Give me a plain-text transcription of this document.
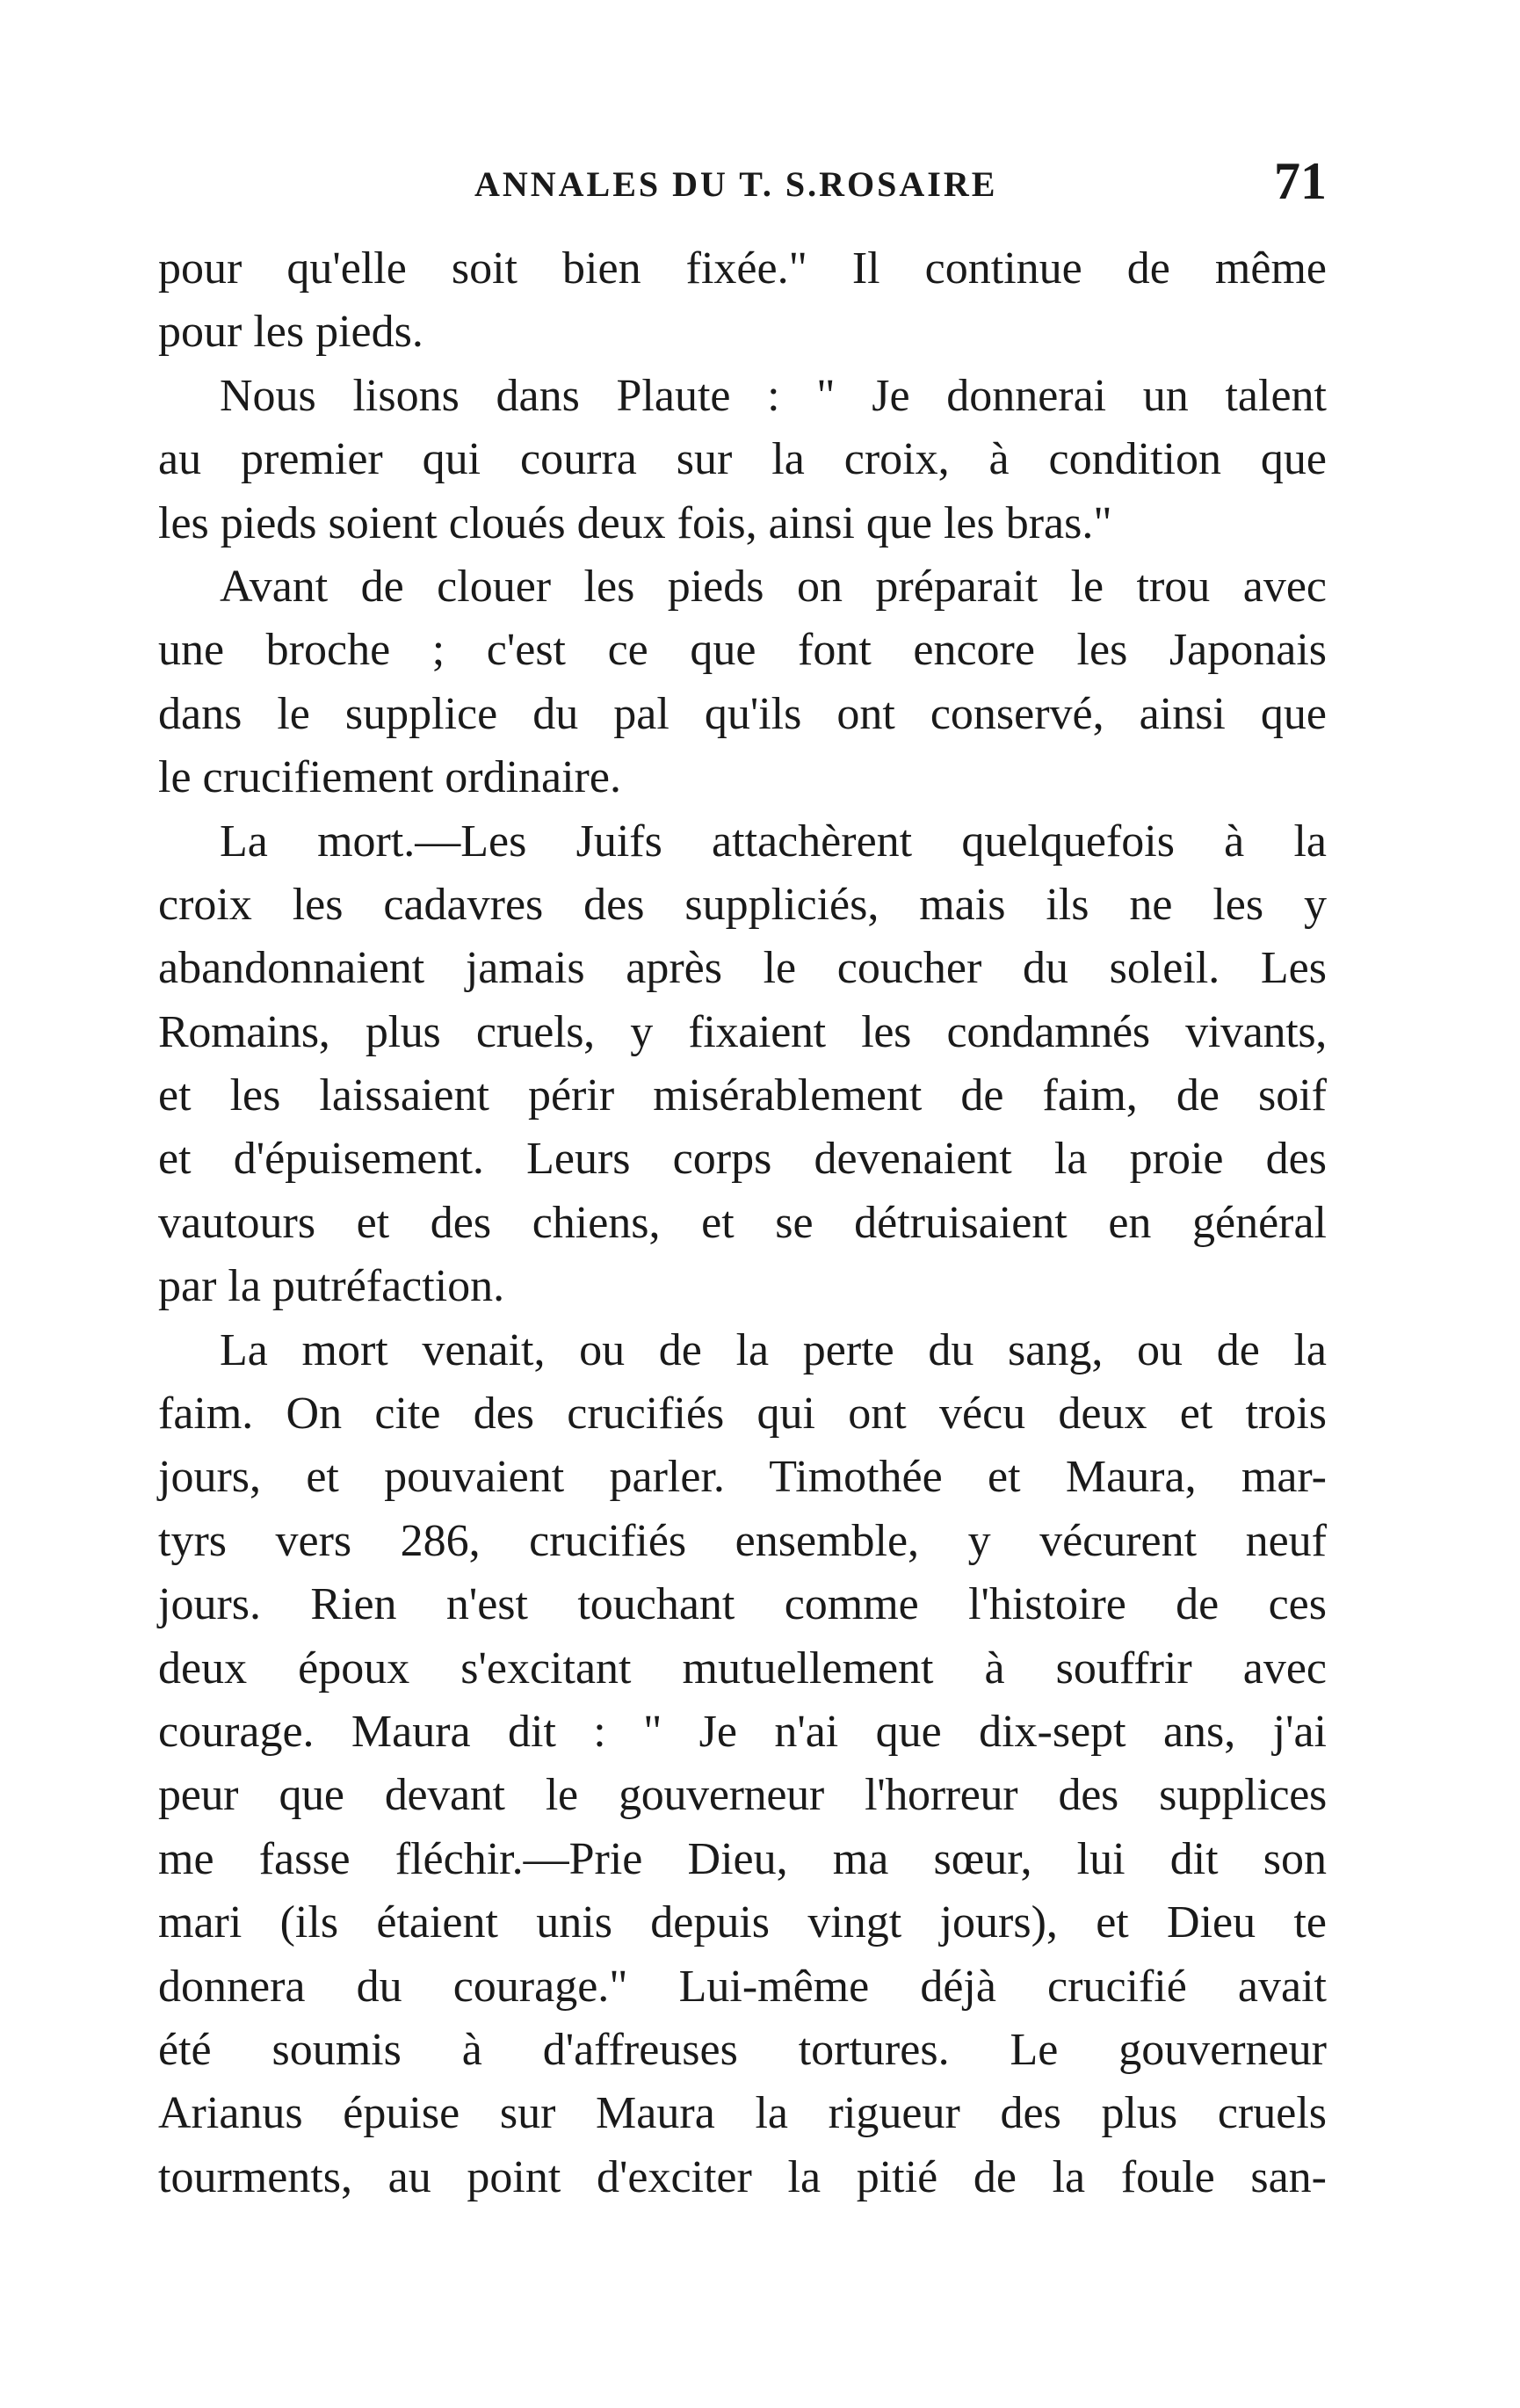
ANNALES DU T. S.ROSAIRE	71
pour qu'elle soit bien fixée." Il continue de même
pour les pieds.
Nous lisons dans Plaute : " Je donnerai un talent
au premier qui courra sur la croix, à condition que
les pieds soient cloués deux fois, ainsi que les bras."
Avant de clouer les pieds on préparait le trou avec
une broche ; c'est ce que font encore les Japonais
dans le supplice du pal qu'ils ont conservé, ainsi que
le crucifiement ordinaire.
La mort.—Les Juifs attachèrent quelquefois à la
croix les cadavres des suppliciés, mais ils ne les y
abandonnaient jamais après le coucher du soleil. Les
Romains, plus cruels, y fixaient les condamnés vivants,
et les laissaient périr misérablement de faim, de soif
et d'épuisement. Leurs corps devenaient la proie des
vautours et des chiens, et se détruisaient en général
par la putréfaction.
La mort venait, ou de la perte du sang, ou de la
faim. On cite des crucifiés qui ont vécu deux et trois
jours, et pouvaient parler. Timothée et Maura, mar-
tyrs vers 286, crucifiés ensemble, y vécurent neuf
jours. Rien n'est touchant comme l'histoire de ces
deux époux s'excitant mutuellement à souffrir avec
courage. Maura dit : " Je n'ai que dix-sept ans, j'ai
peur que devant le gouverneur l'horreur des supplices
me fasse fléchir.—Prie Dieu, ma sœur, lui dit son
mari (ils étaient unis depuis vingt jours), et Dieu te
donnera du courage." Lui-même déjà crucifié avait
été soumis à d'affreuses tortures. Le gouverneur
Arianus épuise sur Maura la rigueur des plus cruels
tourments, au point d'exciter la pitié de la foule san-
